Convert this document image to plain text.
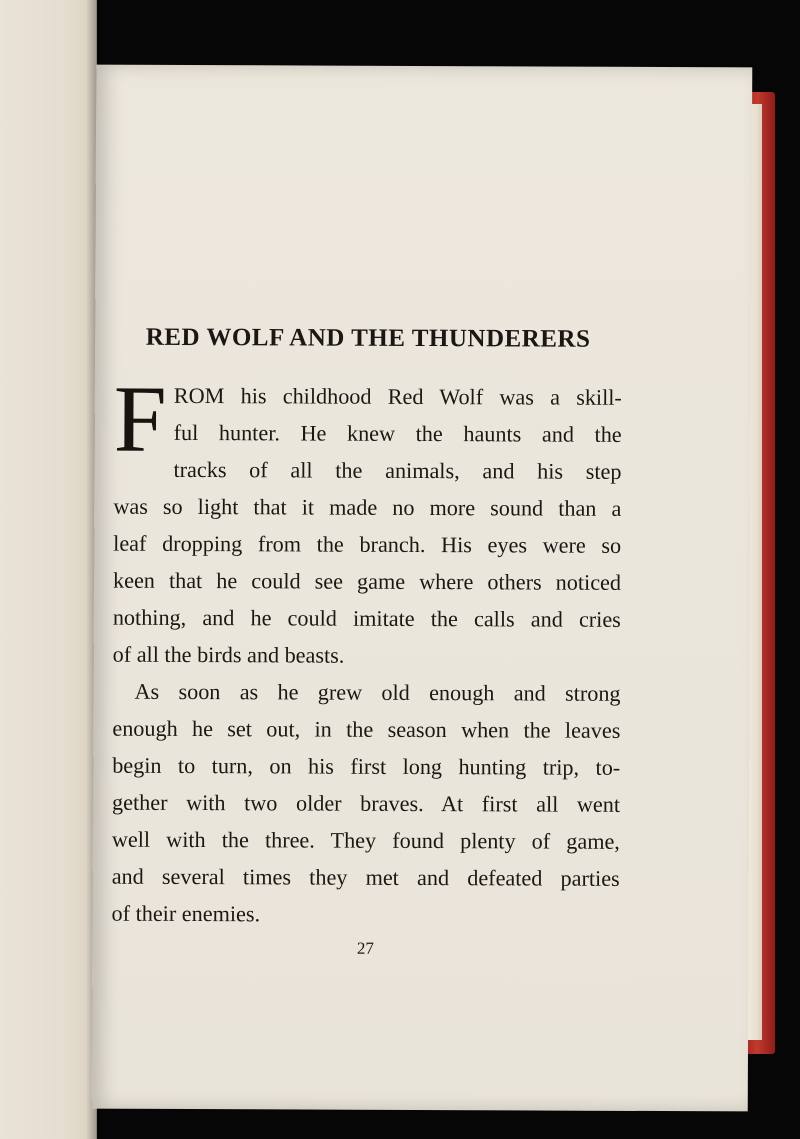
RED WOLF AND THE THUNDERERS
F ROM his childhood Red Wolf was a skill-
ful hunter. He knew the haunts and the
tracks of all the animals, and his step
was so light that it made no more sound than a
leaf dropping from the branch. His eyes were so
keen that he could see game where others noticed
nothing, and he could imitate the calls and cries
of all the birds and beasts.
As soon as he grew old enough and strong
enough he set out, in the season when the leaves
begin to turn, on his first long hunting trip, to-
gether with two older braves. At first all went
well with the three. They found plenty of game,
and several times they met and defeated parties
of their enemies.
27
